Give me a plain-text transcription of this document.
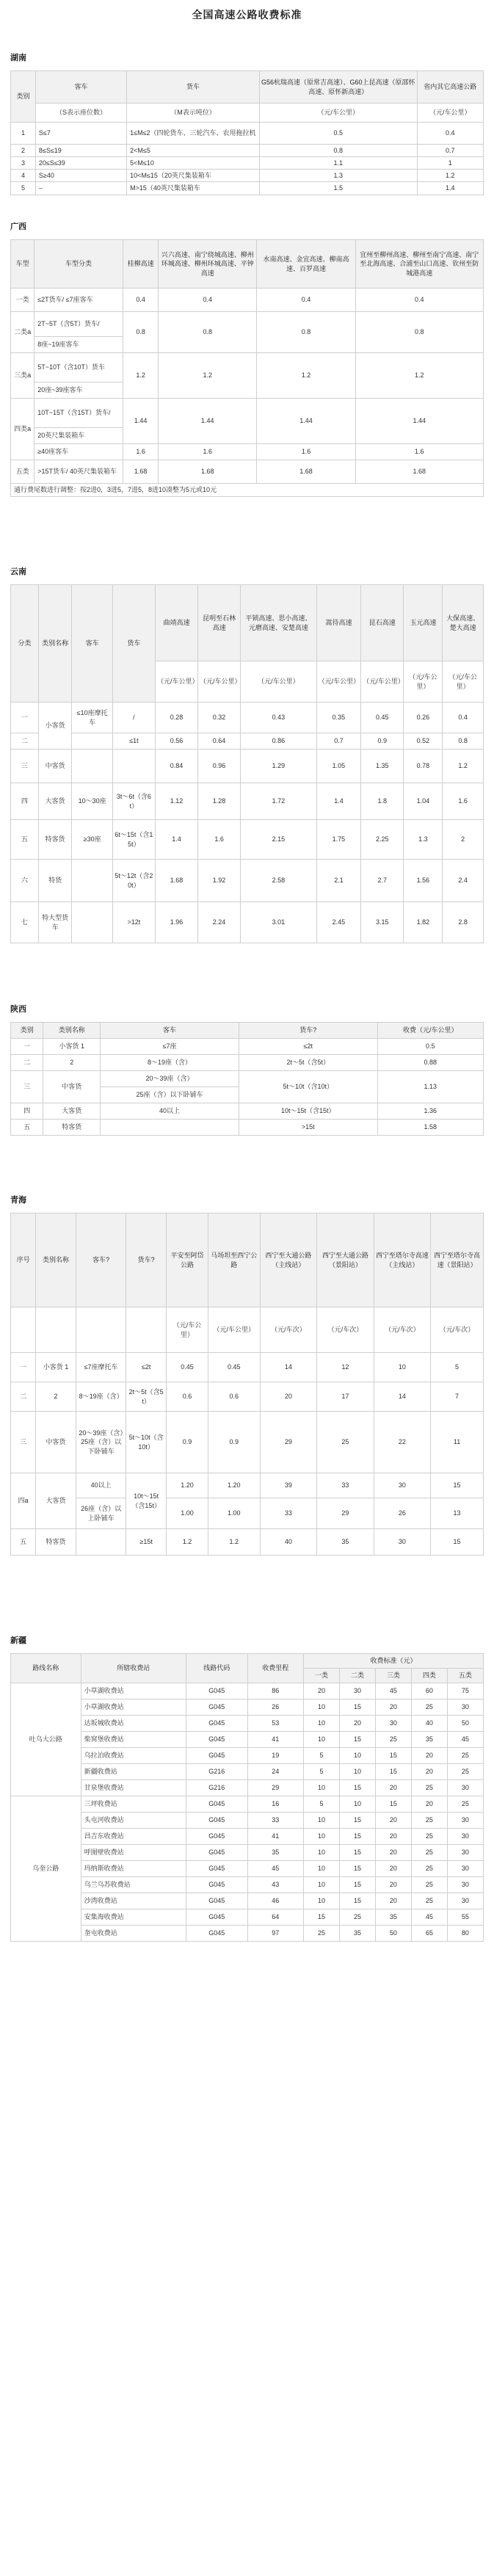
全国高速公路收费标准
湖南
类别	客车	货车	G56杭瑞高速（原常吉高速）、G60上昆高速（原邵怀高速、原怀新高速）	省内其它高速公路
	（S表示座位数）	（M表示吨位）	（元/车公里）	（元/车公里）
1	S≤7	1≤M≤2（四轮货车、三轮汽车、农用拖拉机	0.5	0.4
2	8≤S≤19	2<M≤5	0.8	0.7
3	20≤S≤39	5<M≤10	1.1	1
4	S≥40	10<M≤15（20英尺集装箱车	1.3	1.2
5	–	M>15（40英尺集装箱车	1.5	1.4
广西
车型	车型分类	桂柳高速	兴六高速、南宁绕城高速、柳州环城高速、柳州环城高速、平钟高速	水南高速、金宜高速、柳南高速、百罗高速	宜州至柳州高速、柳州至南宁高速、南宁至北海高速、合浦至山口高速、钦州至防城港高速
一类	≤2T货车/ ≤7座客车	0.4	0.4	0.4	0.4
二类a	2T~5T（含5T）货车/	0.8	0.8	0.8	0.8
	8座~19座客车				
三类a	5T~10T（含10T）货车	1.2	1.2	1.2	1.2
	20座~39座客车				
四类a	10T~15T（含15T）货车/	1.44	1.44	1.44	1.44
	20英尺集装箱车				
	≥40座客车	1.6	1.6	1.6	1.6
五类	>15T货车/ 40英尺集装箱车	1.68	1.68	1.68	1.68
通行费尾数进行调整：按2进0，3进5，7进5，8进10凑整为5元或10元					
云南
分类	类别名称	客车	货车	曲靖高速	昆明至石林高速	平锁高速、思小高速、元磨高速、安楚高速	嵩待高速	昆石高速	玉元高速	大保高速、楚大高速
				（元/车公里）	（元/车公里）	（元/车公里）	（元/车公里）	（元/车公里）	（元/车公里）	（元/车公里）
一	小客货	≤10座摩托车	/	0.28	0.32	0.43	0.35	0.45	0.26	0.4
二			≤1t	0.56	0.64	0.86	0.7	0.9	0.52	0.8
三	中客货			0.84	0.96	1.29	1.05	1.35	0.78	1.2
四	大客货	10～30座	3t～6t（含6t）	1.12	1.28	1.72	1.4	1.8	1.04	1.6
五	特客货	≥30座	6t～15t（含15t）	1.4	1.6	2.15	1.75	2.25	1.3	2
六	特货		5t～12t（含20t）	1.68	1.92	2.58	2.1	2.7	1.56	2.4
七	特大型货车		>12t	1.96	2.24	3.01	2.45	3.15	1.82	2.8
陕西
类别	类别名称	客车	货车?	收费（元/车公里）
一	小客货 1	≤7座	≤2t	0.5
二	2	8～19座（含）	2t～5t（含5t）	0.88
三	中客货	20～39座（含）	5t～10t（含10t）	1.13
		25座（含）以下卧铺车		
四	大客货	40以上	10t～15t（含15t）	1.36
五	特客货		>15t	1.58
青海
序号	类别名称	客车?	货车?	平安至阿岱公路	马场坦至西宁公路	西宁至大通公路（主线站）	西宁至大通公路（景阳站）	西宁至塔尔寺高速（主线站）	西宁至塔尔寺高速（景阳站）
				（元/车公里）	（元/车公里）	（元/车次）	（元/车次）	（元/车次）	（元/车次）
一	小客货 1	≤7座摩托车	≤2t	0.45	0.45	14	12	10	5
二	2	8～19座（含）	2t～5t（含5t）	0.6	0.6	20	17	14	7
三	中客货	20～39座（含）25座（含）以下卧铺车	5t～10t（含10t）	0.9	0.9	29	25	22	11
四a	大客货	40以上	10t～15t（含15t）	1.20	1.20	39	33	30	15
		26座（含）以上卧铺车		1.00	1.00	33	29	26	13
五	特客货		≥15t	1.2	1.2	40	35	30	15
新疆
路线名称	所辖收费站	线路代码	收费里程	收费标准（元）				
				一类	二类	三类	四类	五类
吐乌大公路	小草湖收费站	G045	86	20	30	45	60	75
	小草湖收费站	G045	26	10	15	20	25	30
	达坂城收费站	G045	53	10	20	30	40	50
	柴窝堡收费站	G045	41	10	15	25	35	45
	乌拉泊收费站	G045	19	5	10	15	20	25
	新疆收费站	G216	24	5	10	15	20	25
	甘泉堡收费站	G216	29	10	15	20	25	30
乌奎公路	三坪收费站	G045	16	5	10	15	20	25
	头屯河收费站	G045	33	10	15	20	25	30
	昌吉东收费站	G045	41	10	15	20	25	30
	呼图壁收费站	G045	35	10	15	20	25	30
	玛纳斯收费站	G045	45	10	15	20	25	30
	乌兰乌苏收费站	G045	43	10	15	20	25	30
	沙湾收费站	G045	46	10	15	20	25	30
	安集海收费站	G045	64	15	25	35	45	55
	奎屯收费站	G045	97	25	35	50	65	80
